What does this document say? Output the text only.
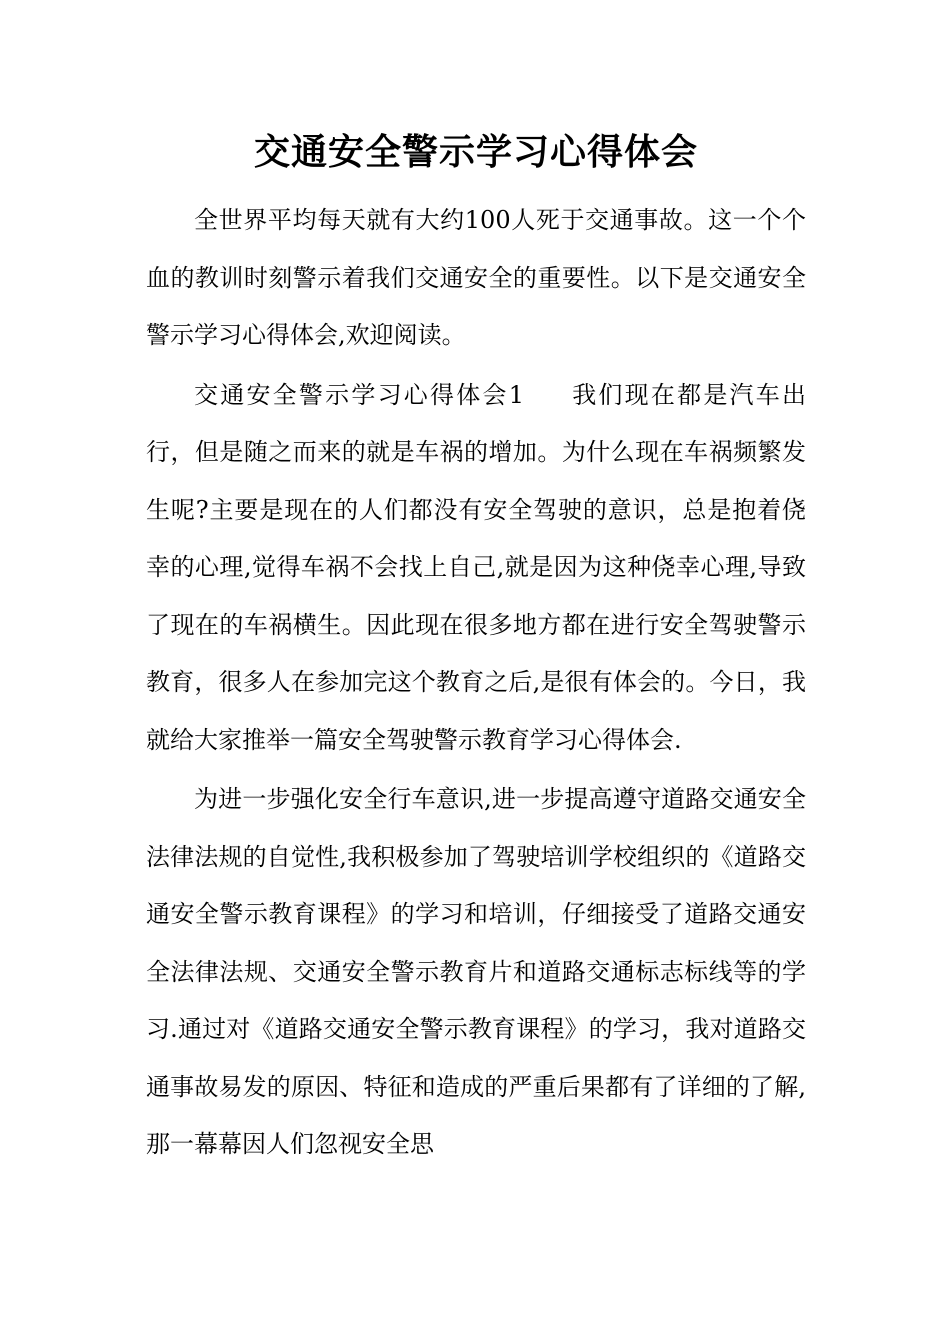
交通安全警示学习心得体会

全世界平均每天就有大约100人死于交通事故。这一个个血的教训时刻警示着我们交通安全的重要性。以下是交通安全警示学习心得体会,欢迎阅读。

交通安全警示学习心得体会1 我们现在都是汽车出行，但是随之而来的就是车祸的增加。为什么现在车祸频繁发生呢?主要是现在的人们都没有安全驾驶的意识，总是抱着侥幸的心理,觉得车祸不会找上自己,就是因为这种侥幸心理,导致了现在的车祸横生。因此现在很多地方都在进行安全驾驶警示教育，很多人在参加完这个教育之后,是很有体会的。今日，我就给大家推举一篇安全驾驶警示教育学习心得体会.

为进一步强化安全行车意识,进一步提高遵守道路交通安全法律法规的自觉性,我积极参加了驾驶培训学校组织的《道路交通安全警示教育课程》的学习和培训，仔细接受了道路交通安全法律法规、交通安全警示教育片和道路交通标志标线等的学习.通过对《道路交通安全警示教育课程》的学习，我对道路交通事故易发的原因、特征和造成的严重后果都有了详细的了解,那一幕幕因人们忽视安全思
